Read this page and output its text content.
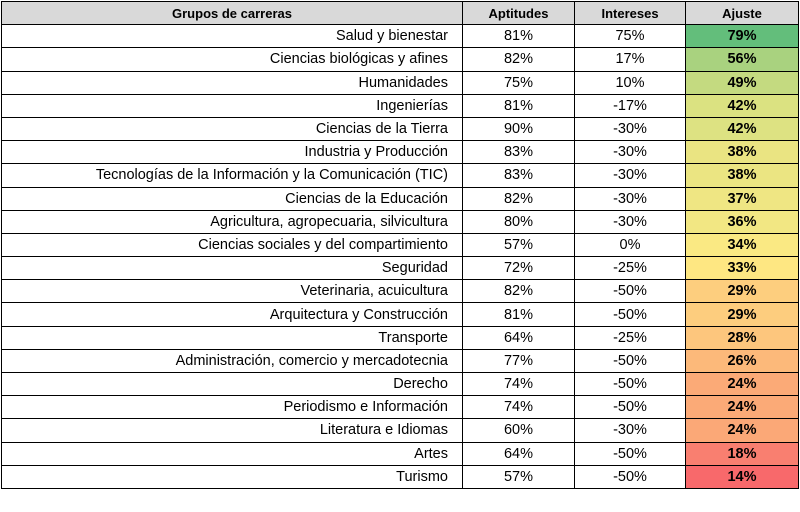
Grupos de carreras	Aptitudes	Intereses	Ajuste
Salud y bienestar	81%	75%	79%
Ciencias biológicas y afines	82%	17%	56%
Humanidades	75%	10%	49%
Ingenierías	81%	-17%	42%
Ciencias de la Tierra	90%	-30%	42%
Industria y Producción	83%	-30%	38%
Tecnologías de la Información y la Comunicación (TIC)	83%	-30%	38%
Ciencias de la Educación	82%	-30%	37%
Agricultura, agropecuaria, silvicultura	80%	-30%	36%
Ciencias sociales y del compartimiento	57%	0%	34%
Seguridad	72%	-25%	33%
Veterinaria, acuicultura	82%	-50%	29%
Arquitectura y Construcción	81%	-50%	29%
Transporte	64%	-25%	28%
Administración, comercio y mercadotecnia	77%	-50%	26%
Derecho	74%	-50%	24%
Periodismo e Información	74%	-50%	24%
Literatura e Idiomas	60%	-30%	24%
Artes	64%	-50%	18%
Turismo	57%	-50%	14%
